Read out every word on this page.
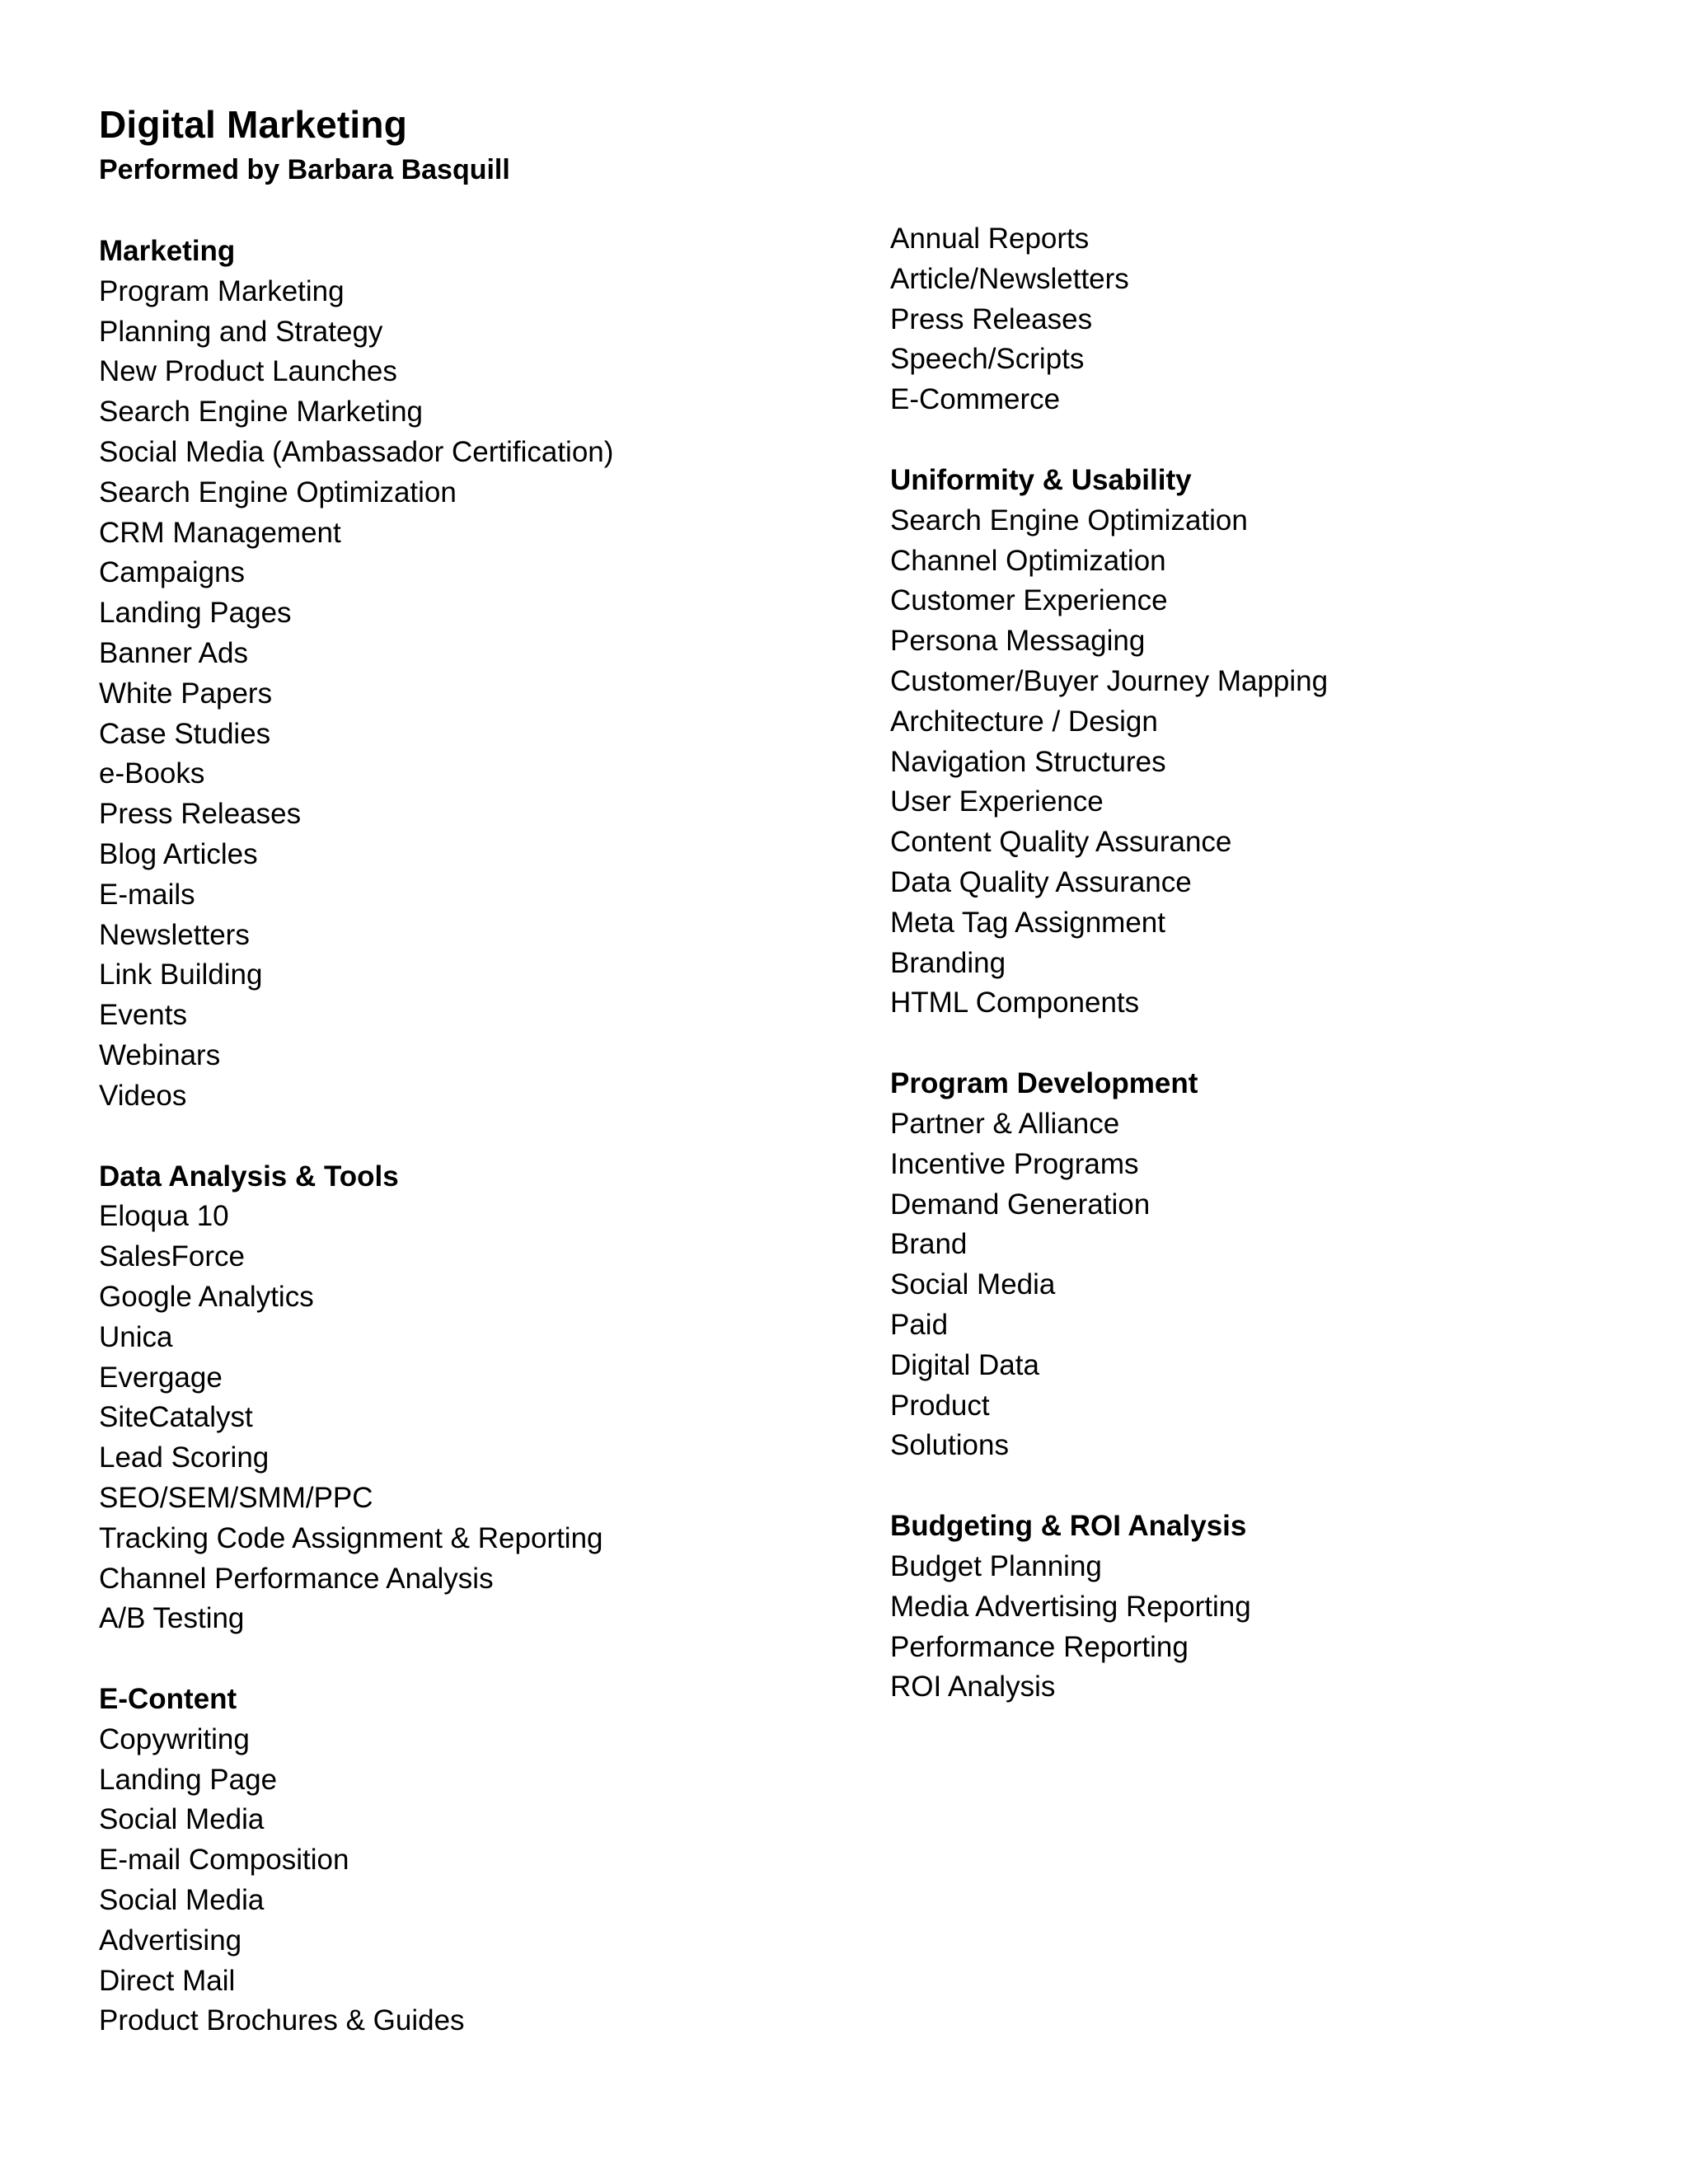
Digital Marketing
Performed by Barbara Basquill
Marketing
Program Marketing
Planning and Strategy
New Product Launches
Search Engine Marketing
Social Media (Ambassador Certification)
Search Engine Optimization
CRM Management
Campaigns
Landing Pages
Banner Ads
White Papers
Case Studies
e-Books
Press Releases
Blog Articles
E-mails
Newsletters
Link Building
Events
Webinars
Videos
Data Analysis & Tools
Eloqua 10
SalesForce
Google Analytics
Unica
Evergage
SiteCatalyst
Lead Scoring
SEO/SEM/SMM/PPC
Tracking Code Assignment & Reporting
Channel Performance Analysis
A/B Testing
E-Content
Copywriting
Landing Page
Social Media
E-mail Composition
Social Media
Advertising
Direct Mail
Product Brochures & Guides
Annual Reports
Article/Newsletters
Press Releases
Speech/Scripts
E-Commerce
Uniformity & Usability
Search Engine Optimization
Channel Optimization
Customer Experience
Persona Messaging
Customer/Buyer Journey Mapping
Architecture / Design
Navigation Structures
User Experience
Content Quality Assurance
Data Quality Assurance
Meta Tag Assignment
Branding
HTML Components
Program Development
Partner & Alliance
Incentive Programs
Demand Generation
Brand
Social Media
Paid
Digital Data
Product
Solutions
Budgeting & ROI Analysis
Budget Planning
Media Advertising Reporting
Performance Reporting
ROI Analysis
